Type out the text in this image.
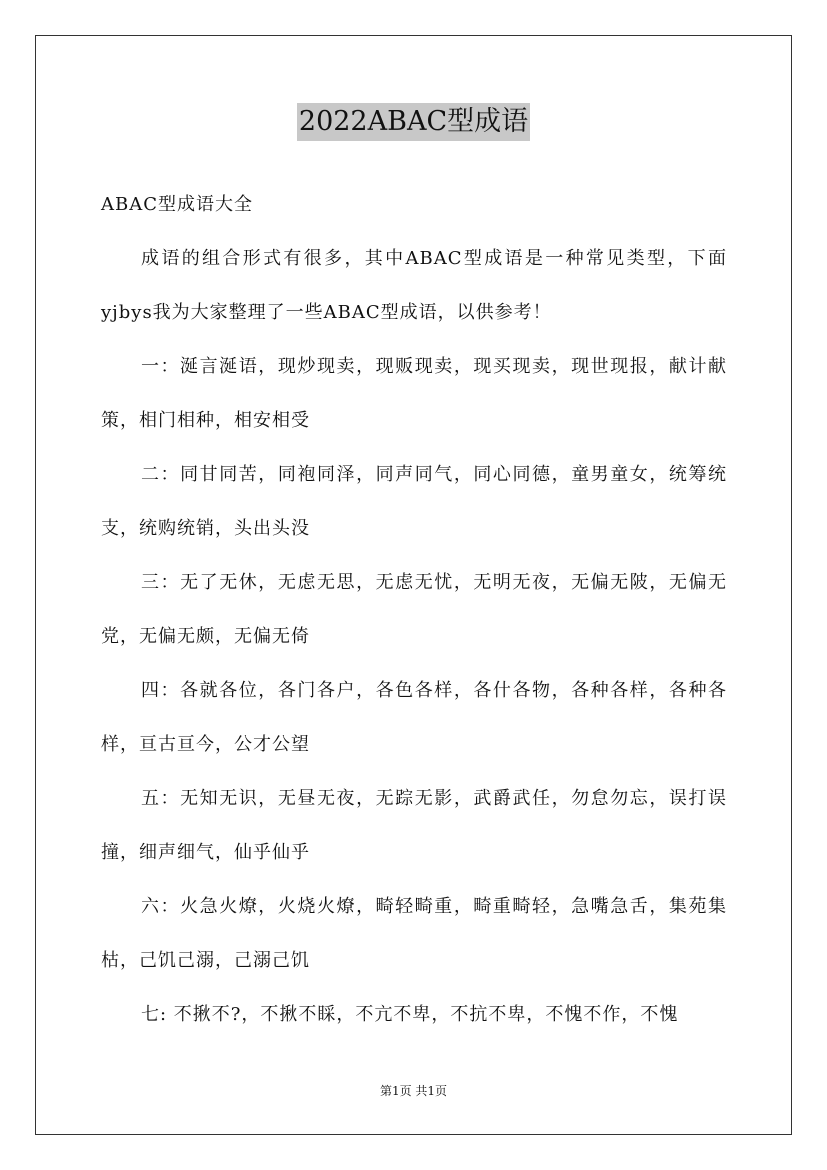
2022ABAC型成语

ABAC型成语大全

成语的组合形式有很多，其中ABAC型成语是一种常见类型，下面yjbys我为大家整理了一些ABAC型成语，以供参考！

一：涎言涎语，现炒现卖，现贩现卖，现买现卖，现世现报，献计献策，相门相种，相安相受

二：同甘同苦，同袍同泽，同声同气，同心同德，童男童女，统筹统支，统购统销，头出头没

三：无了无休，无虑无思，无虑无忧，无明无夜，无偏无陂，无偏无党，无偏无颇，无偏无倚

四：各就各位，各门各户，各色各样，各什各物，各种各样，各种各样，亘古亘今，公才公望

五：无知无识，无昼无夜，无踪无影，武爵武任，勿怠勿忘，误打误撞，细声细气，仙乎仙乎

六：火急火燎，火烧火燎，畸轻畸重，畸重畸轻，急嘴急舌，集苑集枯，己饥己溺，己溺己饥

七: 不揪不?，不揪不睬，不亢不卑，不抗不卑，不愧不作，不愧

第1页 共1页
